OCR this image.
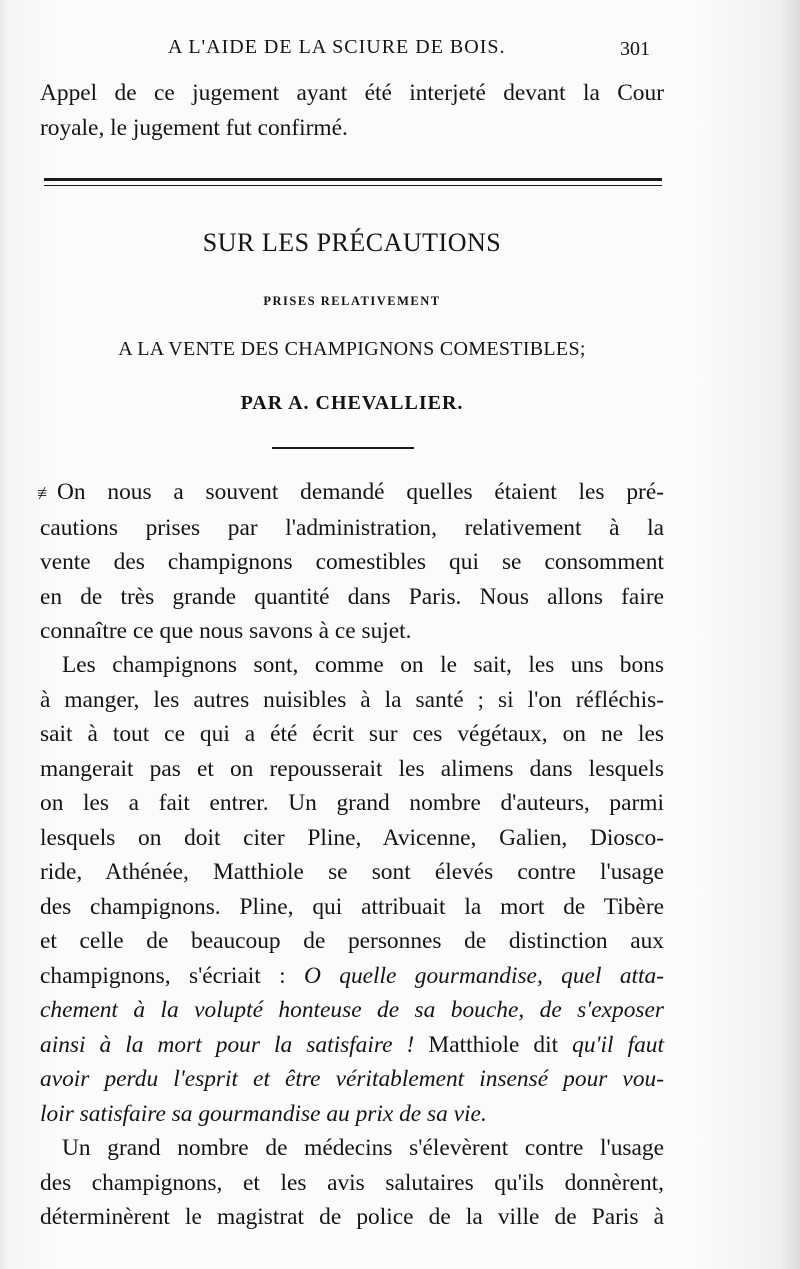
A L'AIDE DE LA SCIURE DE BOIS.	301
Appel de ce jugement ayant été interjeté devant la Cour
royale, le jugement fut confirmé.
SUR LES PRÉCAUTIONS
PRISES RELATIVEMENT
A LA VENTE DES CHAMPIGNONS COMESTIBLES;
PAR A. CHEVALLIER.
≢On nous a souvent demandé quelles étaient les pré-
cautions prises par l'administration, relativement à la
vente des champignons comestibles qui se consomment
en de très grande quantité dans Paris. Nous allons faire
connaître ce que nous savons à ce sujet.
Les champignons sont, comme on le sait, les uns bons
à manger, les autres nuisibles à la santé ; si l'on réfléchis-
sait à tout ce qui a été écrit sur ces végétaux, on ne les
mangerait pas et on repousserait les alimens dans lesquels
on les a fait entrer. Un grand nombre d'auteurs, parmi
lesquels on doit citer Pline, Avicenne, Galien, Diosco-
ride, Athénée, Matthiole se sont élevés contre l'usage
des champignons. Pline, qui attribuait la mort de Tibère
et celle de beaucoup de personnes de distinction aux
champignons, s'écriait : O quelle gourmandise, quel atta-
chement à la volupté honteuse de sa bouche, de s'exposer
ainsi à la mort pour la satisfaire ! Matthiole dit qu'il faut
avoir perdu l'esprit et être véritablement insensé pour vou-
loir satisfaire sa gourmandise au prix de sa vie.
Un grand nombre de médecins s'élevèrent contre l'usage
des champignons, et les avis salutaires qu'ils donnèrent,
déterminèrent le magistrat de police de la ville de Paris à
